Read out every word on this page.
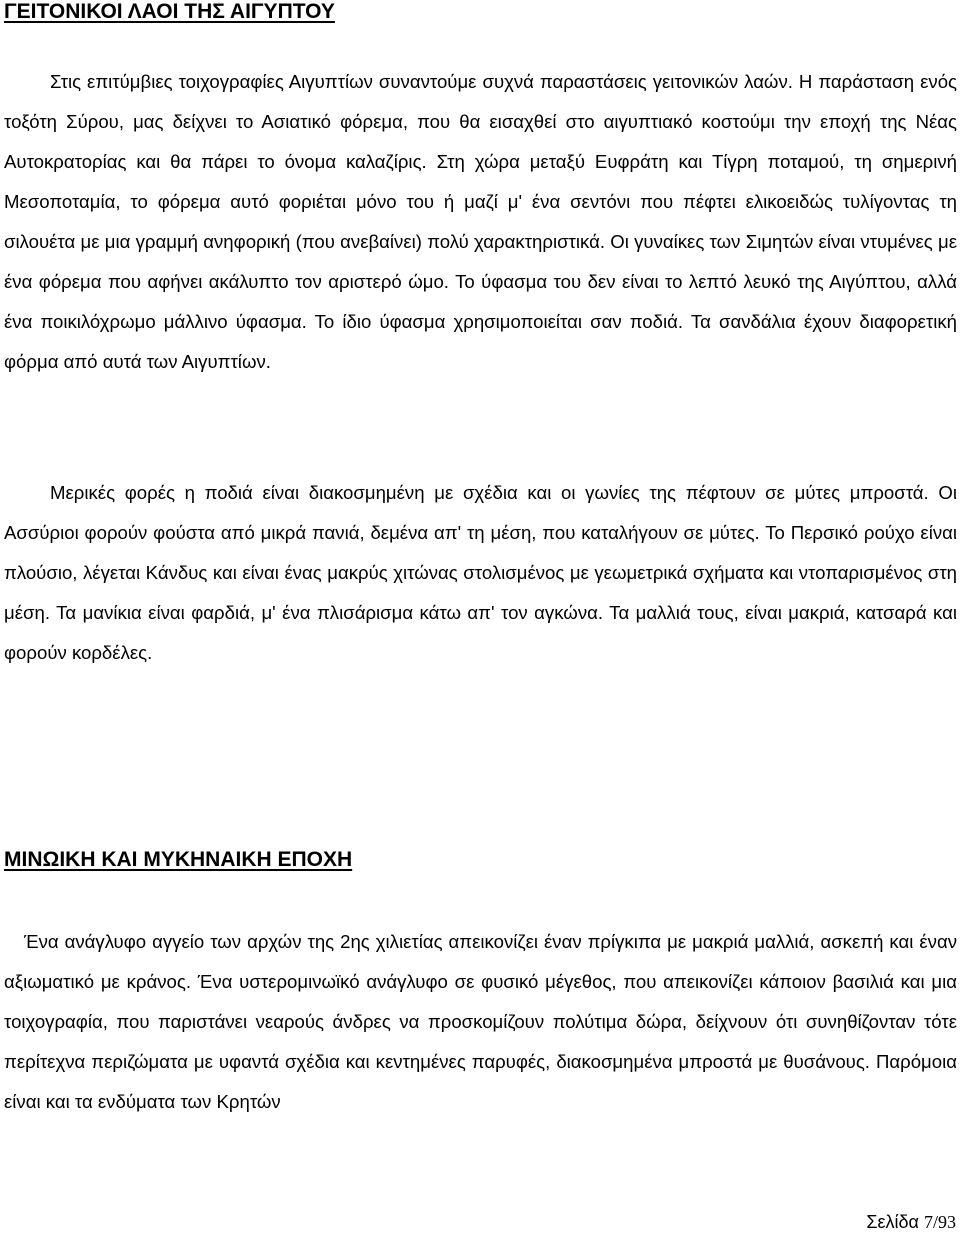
ΓΕΙΤΟΝΙΚΟΙ ΛΑΟΙ ΤΗΣ ΑΙΓΥΠΤΟΥ

Στις επιτύμβιες τοιχογραφίες Αιγυπτίων συναντούμε συχνά παραστάσεις γειτονικών λαών. Η παράσταση ενός τοξότη Σύρου, μας δείχνει το Ασιατικό φόρεμα, που θα εισαχθεί στο αιγυπτιακό κοστούμι την εποχή της Νέας Αυτοκρατορίας και θα πάρει το όνομα καλαζίρις. Στη χώρα μεταξύ Ευφράτη και Τίγρη ποταμού, τη σημερινή Μεσοποταμία, το φόρεμα αυτό φοριέται μόνο του ή μαζί μ' ένα σεντόνι που πέφτει ελικοειδώς τυλίγοντας τη σιλουέτα με μια γραμμή ανηφορική (που ανεβαίνει) πολύ χαρακτηριστικά. Οι γυναίκες των Σιμητών είναι ντυμένες με ένα φόρεμα που αφήνει ακάλυπτο τον αριστερό ώμο. Το ύφασμα του δεν είναι το λεπτό λευκό της Αιγύπτου, αλλά ένα ποικιλόχρωμο μάλλινο ύφασμα. Το ίδιο ύφασμα χρησιμοποιείται σαν ποδιά. Τα σανδάλια έχουν διαφορετική φόρμα από αυτά των Αιγυπτίων.

Μερικές φορές η ποδιά είναι διακοσμημένη με σχέδια και οι γωνίες της πέφτουν σε μύτες μπροστά. Οι Ασσύριοι φορούν φούστα από μικρά πανιά, δεμένα απ' τη μέση, που καταλήγουν σε μύτες. Το Περσικό ρούχο είναι πλούσιο, λέγεται Κάνδυς και είναι ένας μακρύς χιτώνας στολισμένος με γεωμετρικά σχήματα και ντοπαρισμένος στη μέση. Τα μανίκια είναι φαρδιά, μ' ένα πλισάρισμα κάτω απ' τον αγκώνα. Τα μαλλιά τους, είναι μακριά, κατσαρά και φορούν κορδέλες.

ΜΙΝΩΙΚΗ ΚΑΙ ΜΥΚΗΝΑΙΚΗ ΕΠΟΧΗ

Ένα ανάγλυφο αγγείο των αρχών της 2ης χιλιετίας απεικονίζει έναν πρίγκιπα με μακριά μαλλιά, ασκεπή και έναν αξιωματικό με κράνος. Ένα υστερομινωϊκό ανάγλυφο σε φυσικό μέγεθος, που απεικονίζει κάποιον βασιλιά και μια τοιχογραφία, που παριστάνει νεαρούς άνδρες να προσκομίζουν πολύτιμα δώρα, δείχνουν ότι συνηθίζονταν τότε περίτεχνα περιζώματα με υφαντά σχέδια και κεντημένες παρυφές, διακοσμημένα μπροστά με θυσάνους. Παρόμοια είναι και τα ενδύματα των Κρητών

Σελίδα 7/93
